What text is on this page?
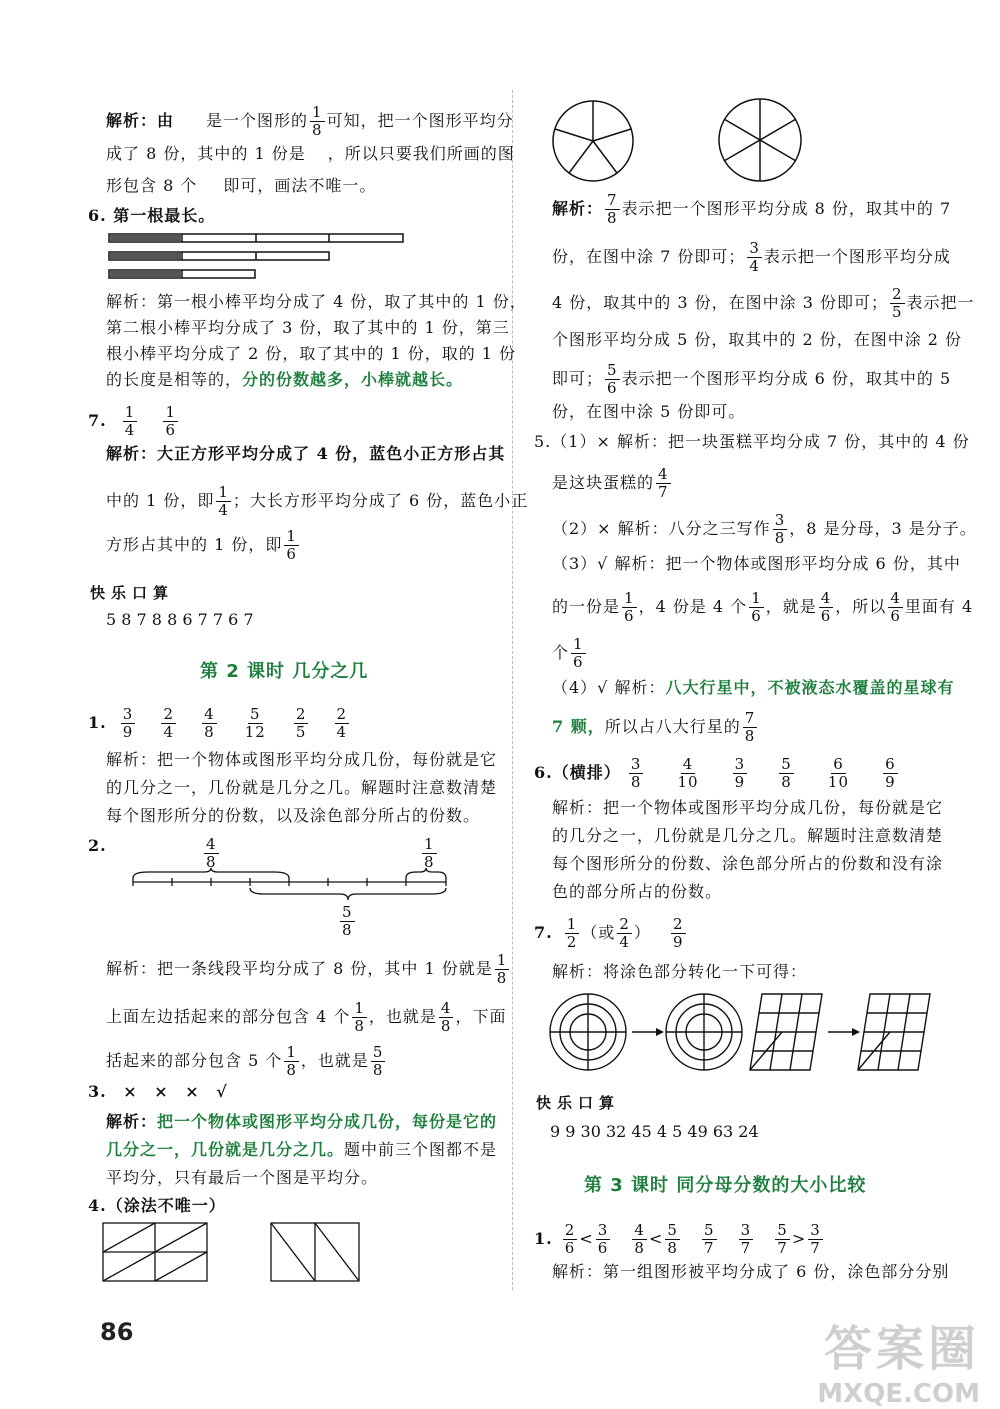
解析：由 是一个图形的 $\frac{1}{8}$ 可知，把一个图形平均分
成了 8 份，其中的 1 份是 ，所以只要我们所画的图
形包含 8 个 即可，画法不唯一。
6. 第一根最长。
解析：第一根小棒平均分成了 4 份，取了其中的 1 份，
第二根小棒平均分成了 3 份，取了其中的 1 份，第三
根小棒平均分成了 2 份，取了其中的 1 份，取的 1 份
的长度是相等的，分的份数越多，小棒就越长。
7. $\frac{1}{4}$
$\frac{1}{6}$
解析：大正方形平均分成了 4 份，蓝色小正方形占其
中的 1 份，即 $\frac{1}{4}$ ；大长方形平均分成了 6 份，蓝色小正
方形占其中的 1 份，即 $\frac{1}{6}$
快乐口算
5 8 7 8 8 6 7 7 6 7
第 2 课时 几分之几
1. $\frac{3}{9}$
$\frac{2}{4}$
$\frac{4}{8}$
$\frac{5}{12}$
$\frac{2}{5}$
$\frac{2}{4}$
解析：把一个物体或图形平均分成几份，每份就是它
的几分之一，几份就是几分之几。解题时注意数清楚
每个图形所分的份数，以及涂色部分所占的份数。
2.	$\frac{4}{8}$	$\frac{1}{8}$
$\frac{5}{8}$
解析：把一条线段平均分成了 8 份，其中 1 份就是 $\frac{1}{8}$
上面左边括起来的部分包含 4 个 $\frac{1}{8}$ ，也就是 $\frac{4}{8}$ ，下面
括起来的部分包含 5 个 $\frac{1}{8}$ ，也就是 $\frac{5}{8}$
3. × × × √
解析：把一个物体或图形平均分成几份，每份是它的
几分之一，几份就是几分之几。题中前三个图都不是
平均分，只有最后一个图是平均分。
4.（涂法不唯一）
解析： $\frac{7}{8}$ 表示把一个图形平均分成 8 份，取其中的 7
份，在图中涂 7 份即可； $\frac{3}{4}$ 表示把一个图形平均分成
4 份，取其中的 3 份，在图中涂 3 份即可； $\frac{2}{5}$ 表示把一
个图形平均分成 5 份，取其中的 2 份，在图中涂 2 份
即可； $\frac{5}{6}$ 表示把一个图形平均分成 6 份，取其中的 5
份，在图中涂 5 份即可。
5.（1）× 解析：把一块蛋糕平均分成 7 份，其中的 4 份
是这块蛋糕的 $\frac{4}{7}$
（2）× 解析：八分之三写作 $\frac{3}{8}$ ，8 是分母，3 是分子。
（3）√ 解析：把一个物体或图形平均分成 6 份，其中
的一份是 $\frac{1}{6}$ ，4 份是 4 个 $\frac{1}{6}$ ，就是 $\frac{4}{6}$ ，所以 $\frac{4}{6}$ 里面有 4
个 $\frac{1}{6}$
（4）√ 解析：八大行星中，不被液态水覆盖的星球有
7 颗，所以占八大行星的 $\frac{7}{8}$
6.（横排） $\frac{3}{8}$
$\frac{4}{10}$
$\frac{3}{9}$
$\frac{5}{8}$
$\frac{6}{10}$
$\frac{6}{9}$
解析：把一个物体或图形平均分成几份，每份就是它
的几分之一，几份就是几分之几。解题时注意数清楚
每个图形所分的份数、涂色部分所占的份数和没有涂
色的部分所占的份数。
7. $\frac{1}{2}$ （或 $\frac{2}{4}$ ） $\frac{2}{9}$
解析：将涂色部分转化一下可得：
快乐口算
9 9 30 32 45 4 5 49 63 24
第 3 课时 同分母分数的大小比较
1. $\frac{2}{6} < \frac{3}{6}$
$\frac{4}{8} < \frac{5}{8}$
$\frac{5}{7}$
$\frac{3}{7}$
$\frac{5}{7} > \frac{3}{7}$
解析：第一组图形被平均分成了 6 份，涂色部分分别
86	答案圈
MXQE.COM
